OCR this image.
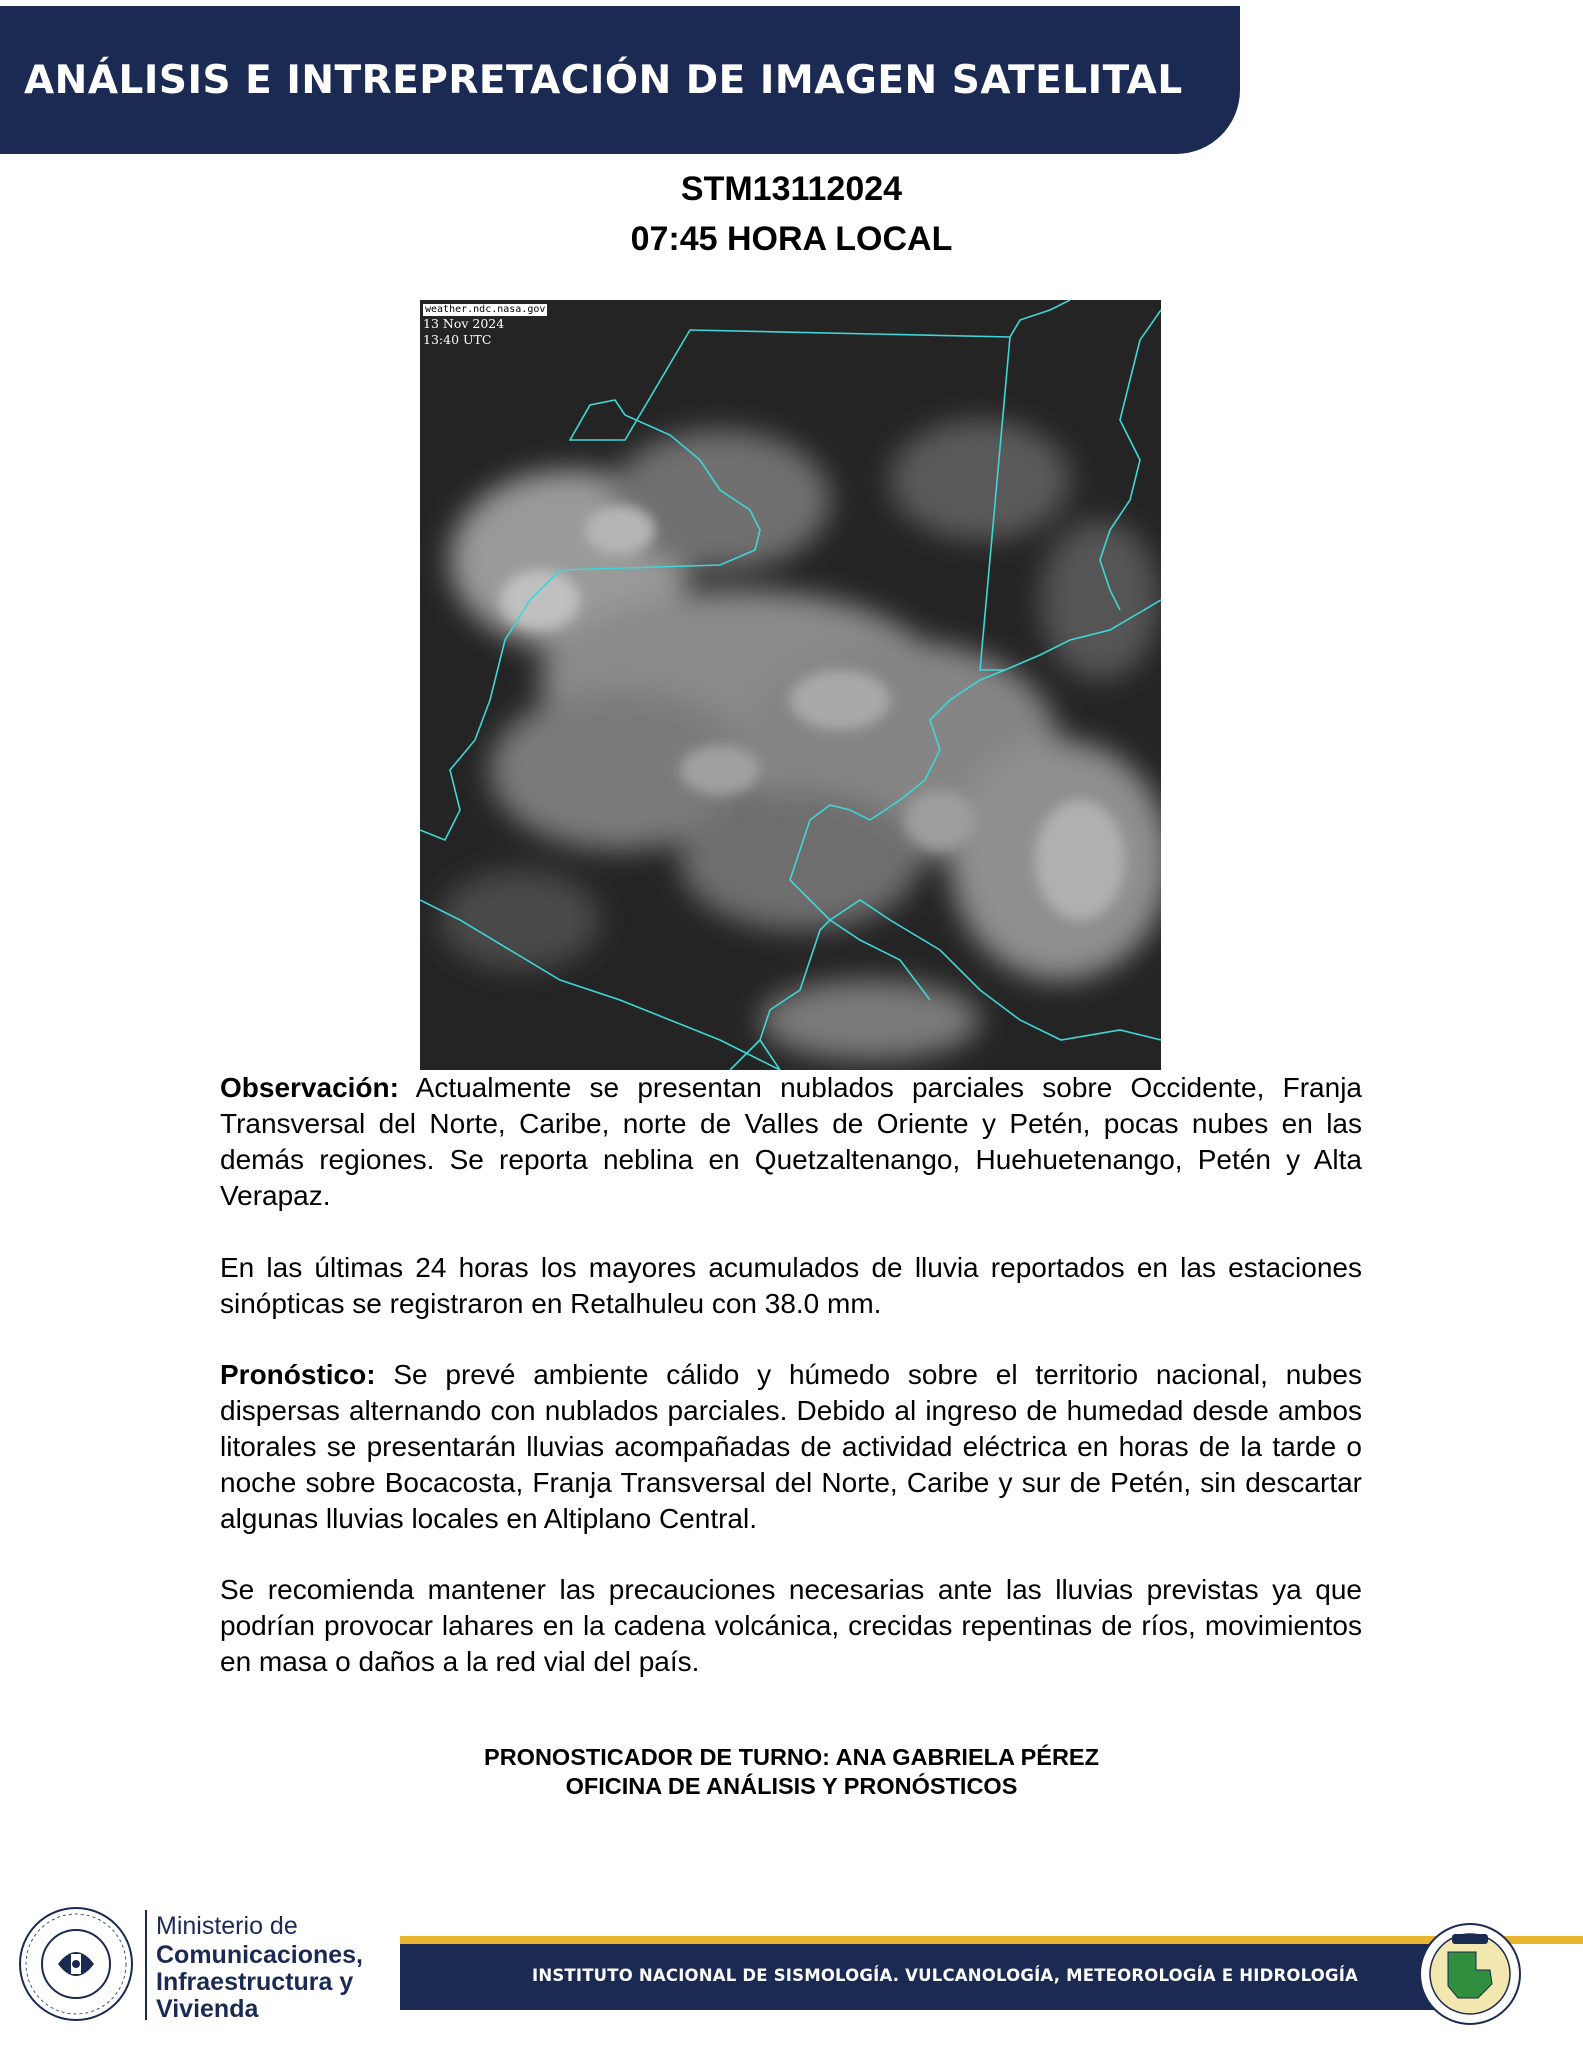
ANÁLISIS E INTREPRETACIÓN DE IMAGEN SATELITAL
STM13112024
07:45 HORA LOCAL
weather.ndc.nasa.gov
13 Nov 2024
13:40 UTC
Observación: Actualmente se presentan nublados parciales sobre Occidente, Franja Transversal del Norte, Caribe, norte de Valles de Oriente y Petén, pocas nubes en las demás regiones. Se reporta neblina en Quetzaltenango, Huehuetenango, Petén y Alta Verapaz.
En las últimas 24 horas los mayores acumulados de lluvia reportados en las estaciones sinópticas se registraron en Retalhuleu con 38.0 mm.
Pronóstico: Se prevé ambiente cálido y húmedo sobre el territorio nacional, nubes dispersas alternando con nublados parciales. Debido al ingreso de humedad desde ambos litorales se presentarán lluvias acompañadas de actividad eléctrica en horas de la tarde o noche sobre Bocacosta, Franja Transversal del Norte, Caribe y sur de Petén, sin descartar algunas lluvias locales en Altiplano Central.
Se recomienda mantener las precauciones necesarias ante las lluvias previstas ya que podrían provocar lahares en la cadena volcánica, crecidas repentinas de ríos, movimientos en masa o daños a la red vial del país.
PRONOSTICADOR DE TURNO: ANA GABRIELA PÉREZ
OFICINA DE ANÁLISIS Y PRONÓSTICOS
Ministerio de
Comunicaciones,
Infraestructura y
Vivienda
INSTITUTO NACIONAL DE SISMOLOGÍA. VULCANOLOGÍA, METEOROLOGÍA E HIDROLOGÍA
